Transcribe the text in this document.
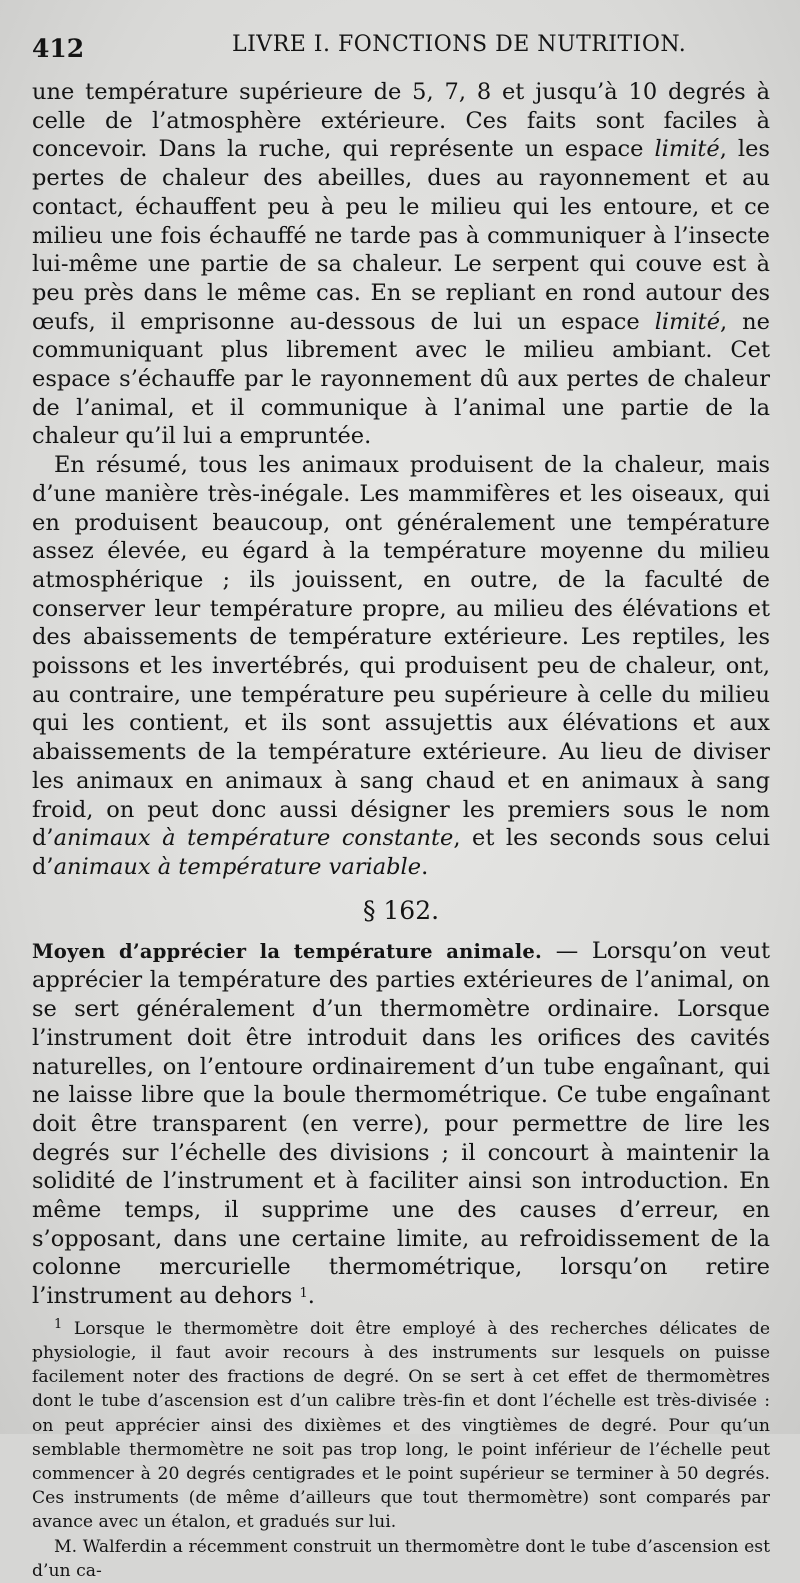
412	LIVRE I. FONCTIONS DE NUTRITION.

une température supérieure de 5, 7, 8 et jusqu’à 10 degrés à celle de l’atmosphère extérieure. Ces faits sont faciles à concevoir. Dans la ruche, qui représente un espace limité, les pertes de chaleur des abeilles, dues au rayonnement et au contact, échauffent peu à peu le milieu qui les entoure, et ce milieu une fois échauffé ne tarde pas à communiquer à l’insecte lui-même une partie de sa chaleur. Le serpent qui couve est à peu près dans le même cas. En se repliant en rond autour des œufs, il emprisonne au-dessous de lui un espace limité, ne communiquant plus librement avec le milieu ambiant. Cet espace s’échauffe par le rayonnement dû aux pertes de chaleur de l’animal, et il communique à l’animal une partie de la chaleur qu’il lui a empruntée.

En résumé, tous les animaux produisent de la chaleur, mais d’une manière très-inégale. Les mammifères et les oiseaux, qui en produisent beaucoup, ont généralement une température assez élevée, eu égard à la température moyenne du milieu atmosphérique ; ils jouissent, en outre, de la faculté de conserver leur température propre, au milieu des élévations et des abaissements de température extérieure. Les reptiles, les poissons et les invertébrés, qui produisent peu de chaleur, ont, au contraire, une température peu supérieure à celle du milieu qui les contient, et ils sont assujettis aux élévations et aux abaissements de la température extérieure. Au lieu de diviser les animaux en animaux à sang chaud et en animaux à sang froid, on peut donc aussi désigner les premiers sous le nom d’animaux à température constante, et les seconds sous celui d’animaux à température variable.

§ 162.

Moyen d’apprécier la température animale. — Lorsqu’on veut apprécier la température des parties extérieures de l’animal, on se sert généralement d’un thermomètre ordinaire. Lorsque l’instrument doit être introduit dans les orifices des cavités naturelles, on l’entoure ordinairement d’un tube engaînant, qui ne laisse libre que la boule thermométrique. Ce tube engaînant doit être transparent (en verre), pour permettre de lire les degrés sur l’échelle des divisions ; il concourt à maintenir la solidité de l’instrument et à faciliter ainsi son introduction. En même temps, il supprime une des causes d’erreur, en s’opposant, dans une certaine limite, au refroidissement de la colonne mercurielle thermométrique, lorsqu’on retire l’instrument au dehors $^1$.

$^1$ Lorsque le thermomètre doit être employé à des recherches délicates de physiologie, il faut avoir recours à des instruments sur lesquels on puisse facilement noter des fractions de degré. On se sert à cet effet de thermomètres dont le tube d’ascension est d’un calibre très-fin et dont l’échelle est très-divisée : on peut apprécier ainsi des dixièmes et des vingtièmes de degré. Pour qu’un semblable thermomètre ne soit pas trop long, le point inférieur de l’échelle peut commencer à 20 degrés centigrades et le point supérieur se terminer à 50 degrés. Ces instruments (de même d’ailleurs que tout thermomètre) sont comparés par avance avec un étalon, et gradués sur lui.

M. Walferdin a récemment construit un thermomètre dont le tube d’ascension est d’un ca-
